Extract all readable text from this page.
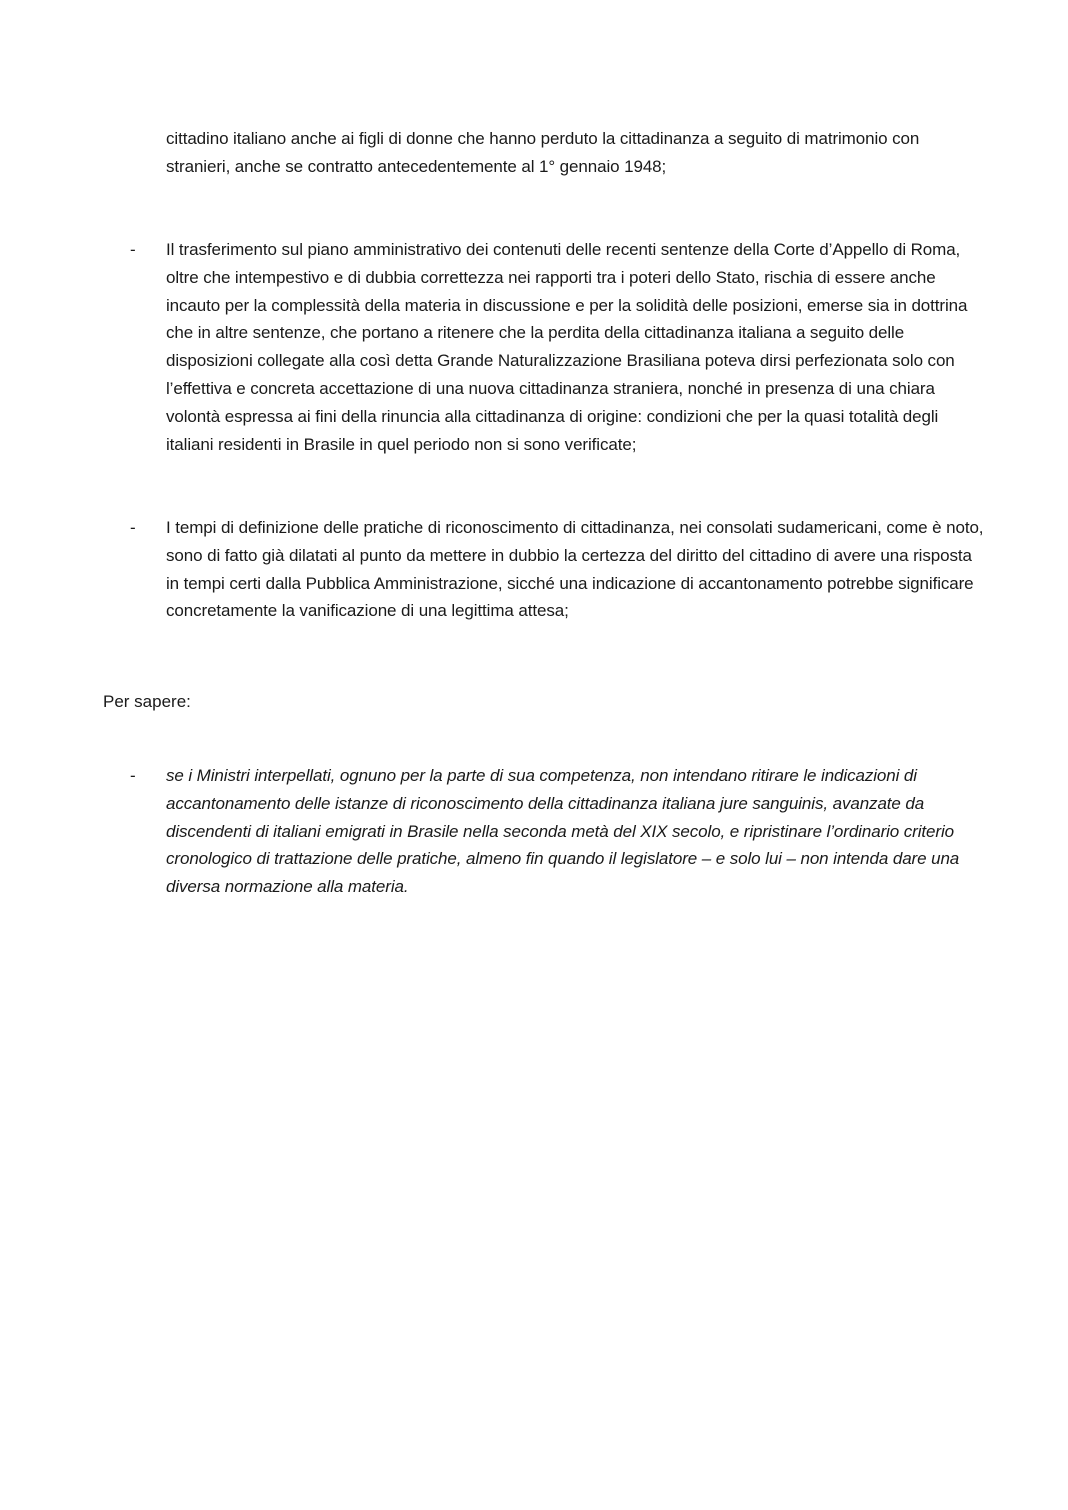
cittadino italiano anche ai figli di donne che hanno perduto la cittadinanza a seguito di matrimonio con stranieri, anche se contratto antecedentemente al 1° gennaio 1948;
- Il trasferimento sul piano amministrativo dei contenuti delle recenti sentenze della Corte d’Appello di Roma, oltre che intempestivo e di dubbia correttezza nei rapporti tra i poteri dello Stato, rischia di essere anche incauto per la complessità della materia in discussione e per la solidità delle posizioni, emerse sia in dottrina che in altre sentenze, che portano a ritenere che la perdita della cittadinanza italiana a seguito delle disposizioni collegate alla così detta Grande Naturalizzazione Brasiliana poteva dirsi perfezionata solo con l’effettiva e concreta accettazione di una nuova cittadinanza straniera, nonché in presenza di una chiara volontà espressa ai fini della rinuncia alla cittadinanza di origine: condizioni che per la quasi totalità degli italiani residenti in Brasile in quel periodo non si sono verificate;
- I tempi di definizione delle pratiche di riconoscimento di cittadinanza, nei consolati sudamericani, come è noto, sono di fatto già dilatati al punto da mettere in dubbio la certezza del diritto del cittadino di avere una risposta in tempi certi dalla Pubblica Amministrazione, sicché una indicazione di accantonamento potrebbe significare concretamente la vanificazione di una legittima attesa;
Per sapere:
- se i Ministri interpellati, ognuno per la parte di sua competenza, non intendano ritirare le indicazioni di accantonamento delle istanze di riconoscimento della cittadinanza italiana jure sanguinis, avanzate da discendenti di italiani emigrati in Brasile nella seconda metà del XIX secolo, e ripristinare l’ordinario criterio cronologico di trattazione delle pratiche, almeno fin quando il legislatore – e solo lui – non intenda dare una diversa normazione alla materia.
